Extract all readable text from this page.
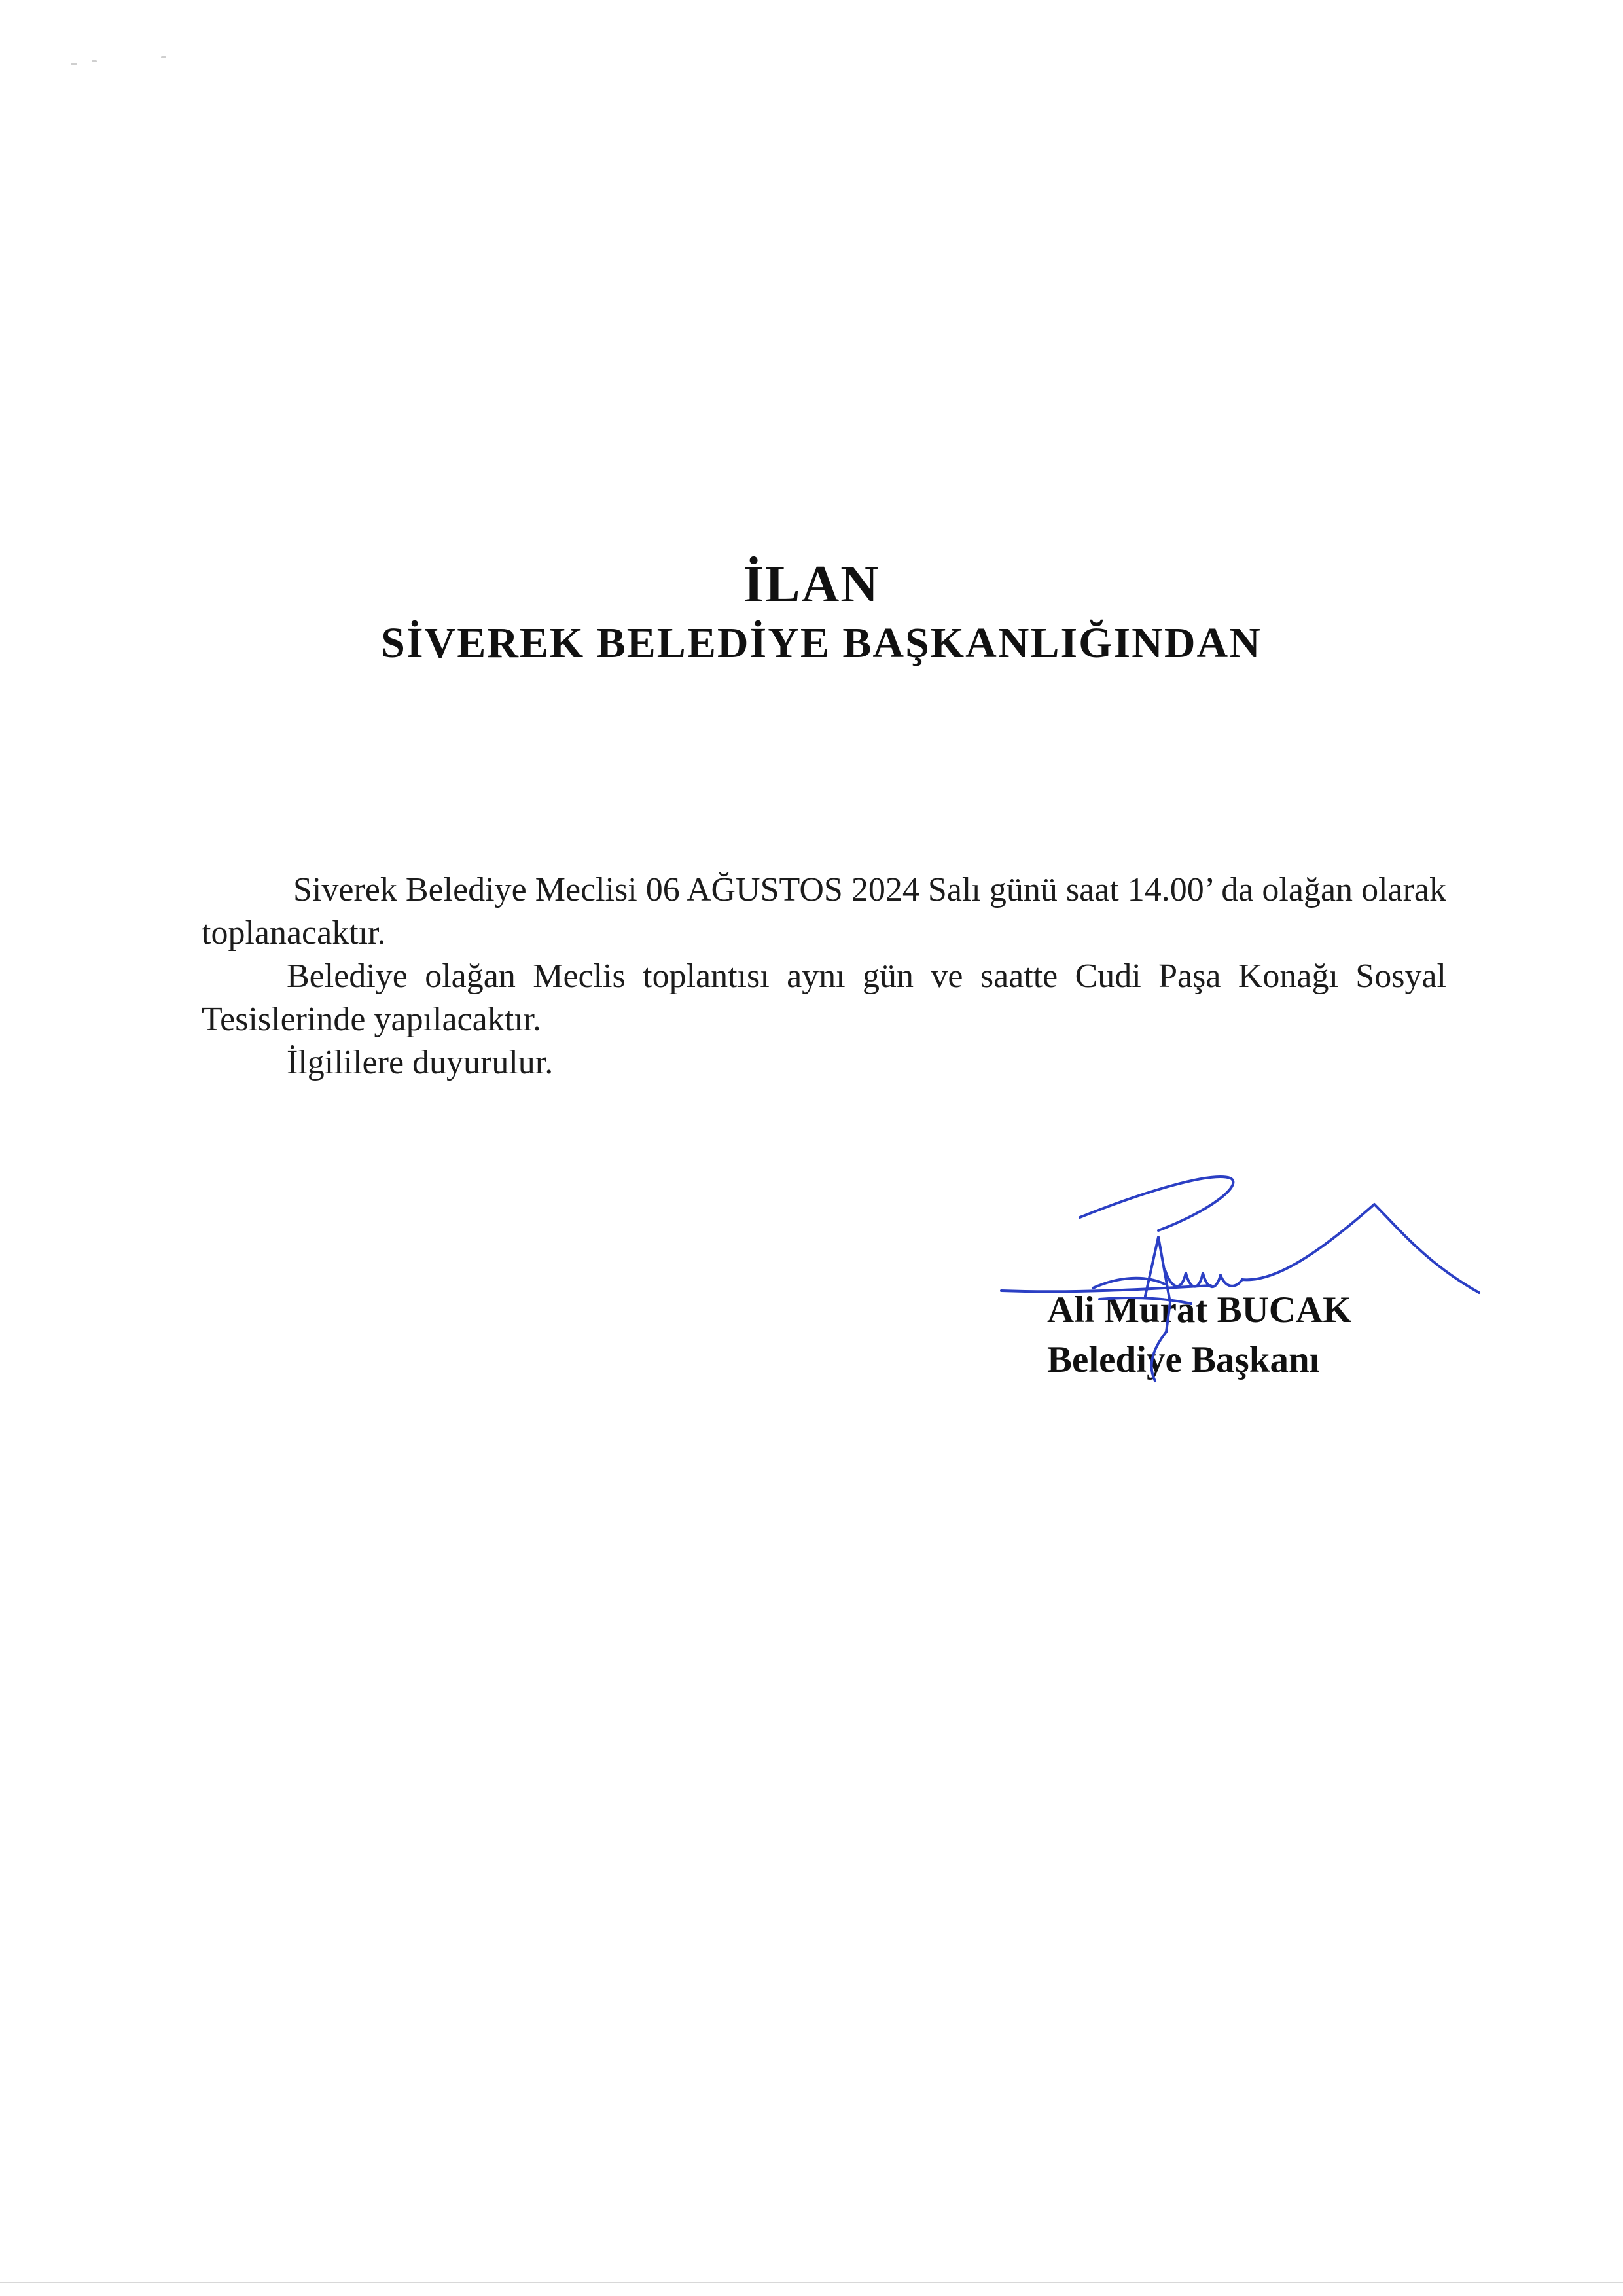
İLAN
SİVEREK BELEDİYE BAŞKANLIĞINDAN

Siverek Belediye Meclisi 06 AĞUSTOS 2024 Salı günü saat 14.00’ da olağan olarak toplanacaktır.

Belediye olağan Meclis toplantısı aynı gün ve saatte Cudi Paşa Konağı Sosyal Tesislerinde yapılacaktır.

İlgililere duyurulur.

Ali Murat BUCAK
Belediye Başkanı
